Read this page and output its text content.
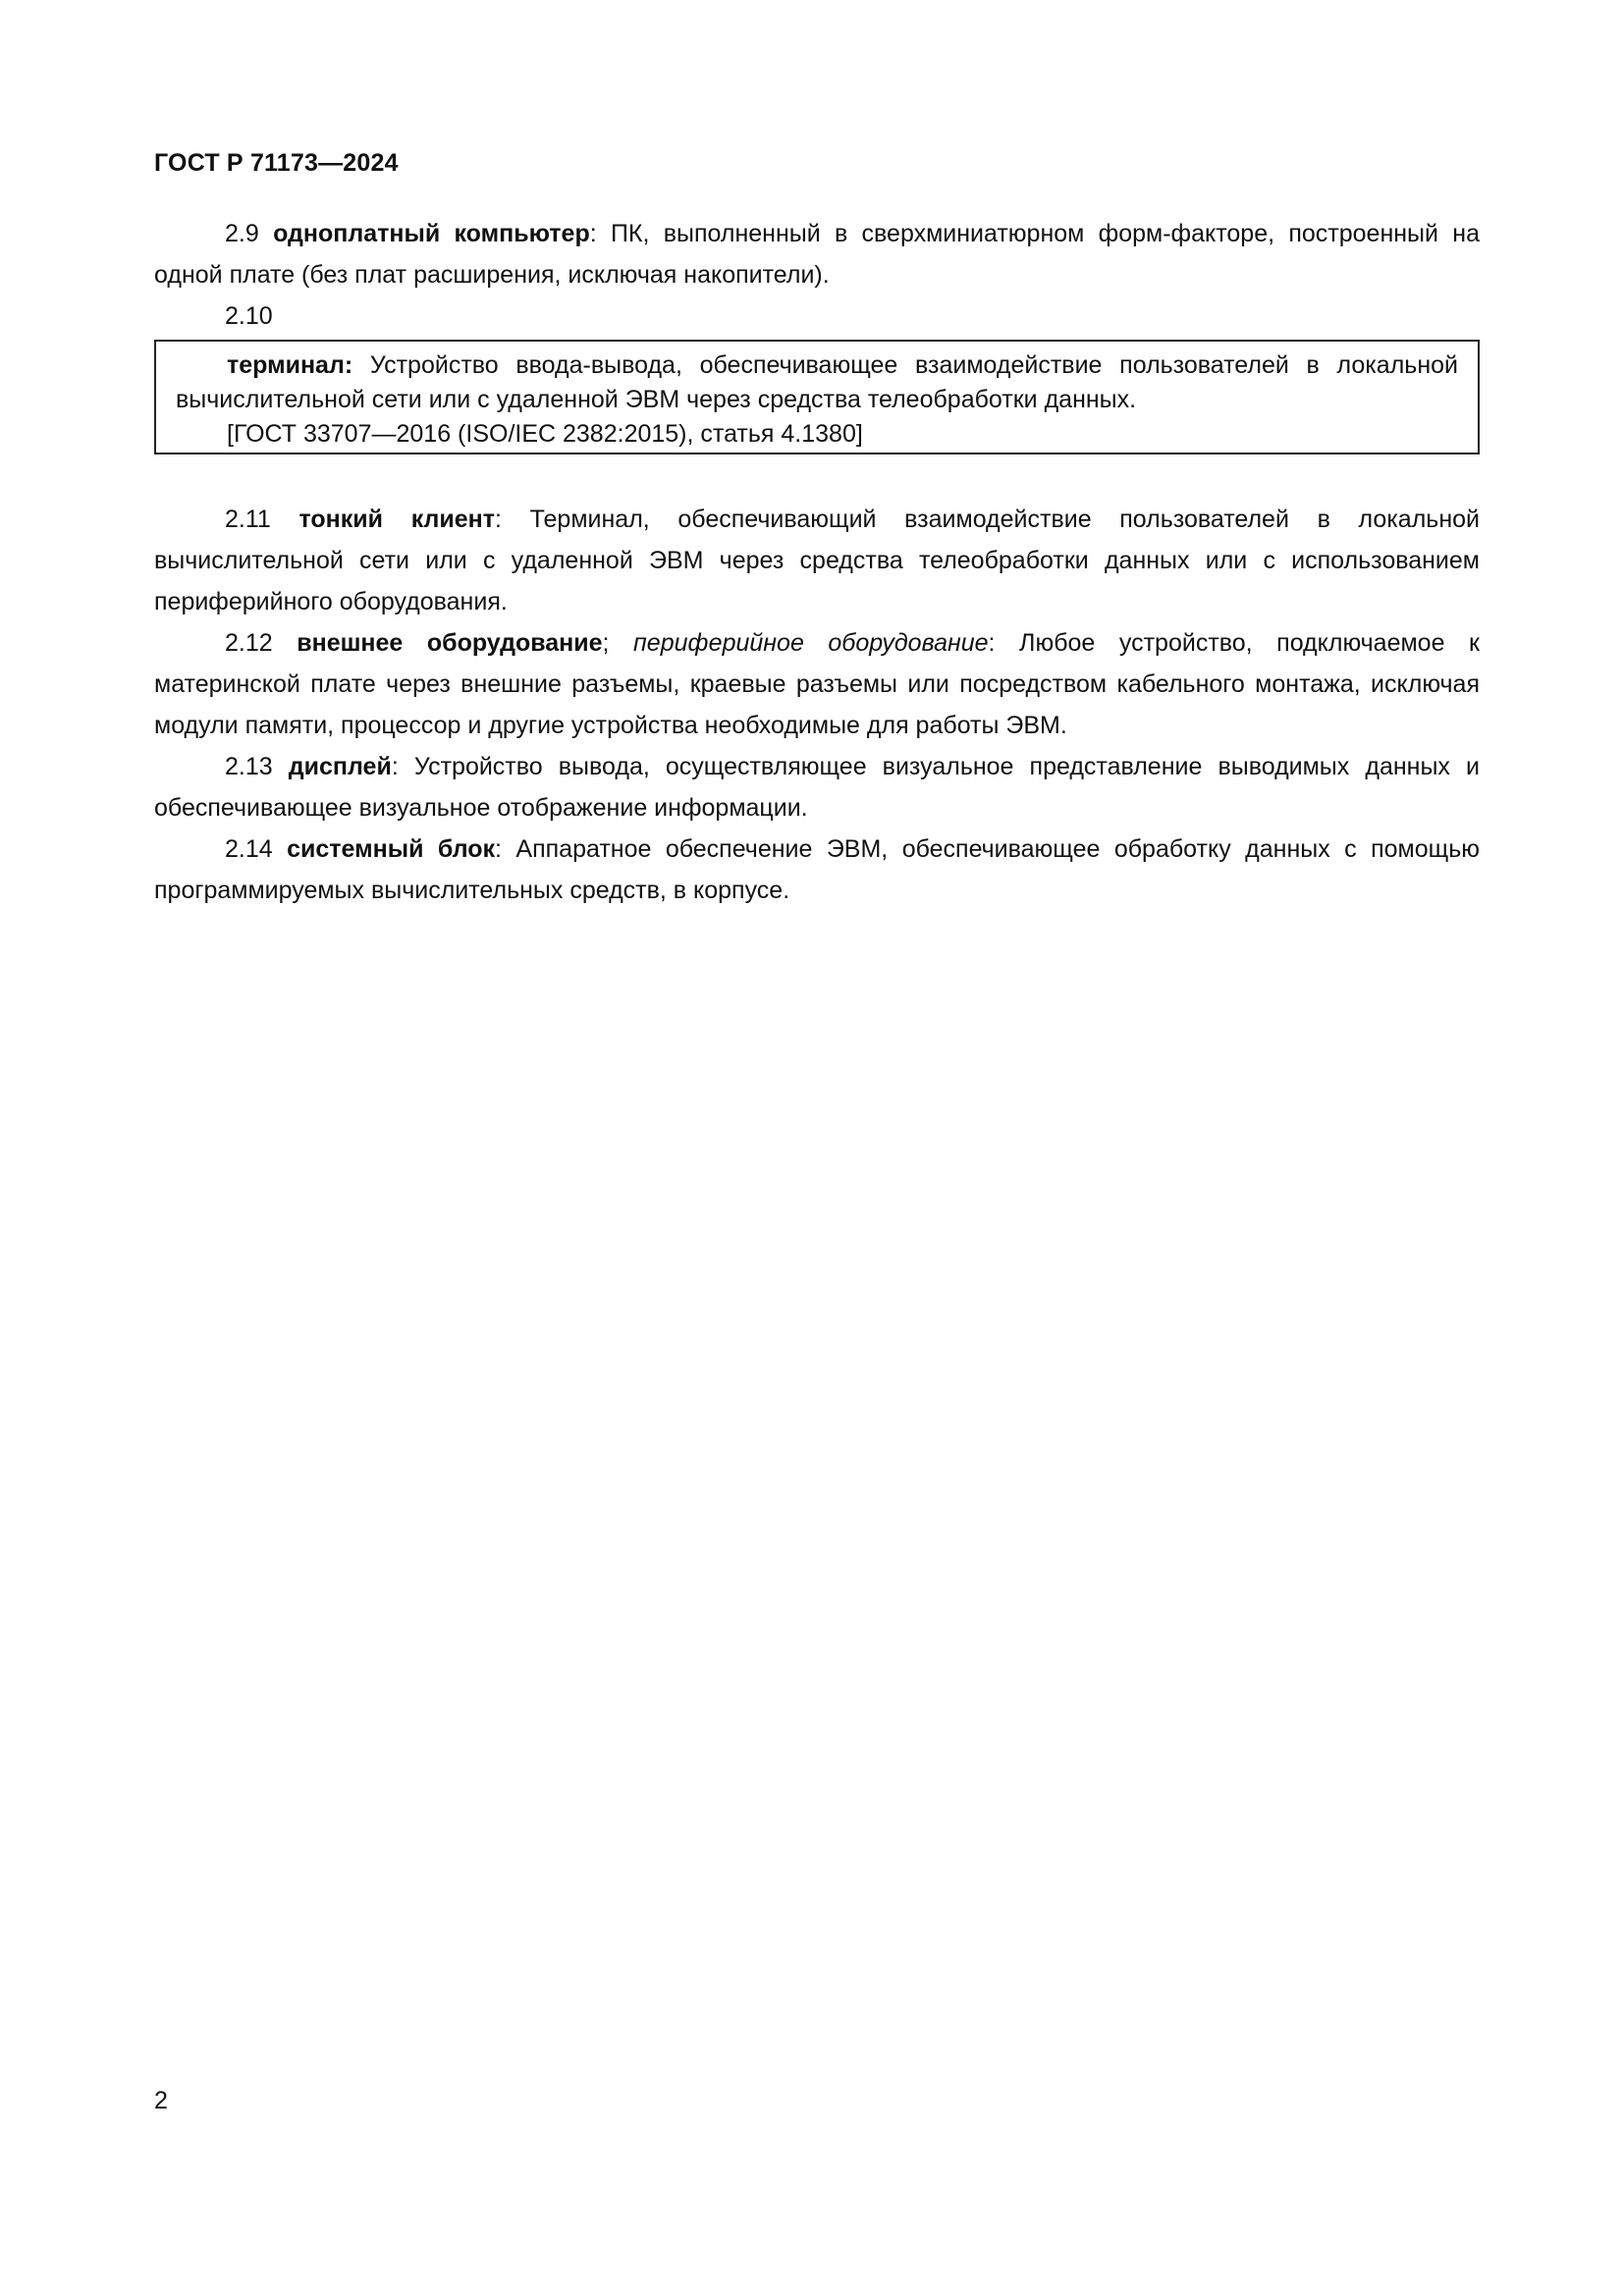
ГОСТ Р 71173—2024

2.9 одноплатный компьютер: ПК, выполненный в сверхминиатюрном форм-факторе, построенный на одной плате (без плат расширения, исключая накопители).

2.10

терминал: Устройство ввода-вывода, обеспечивающее взаимодействие пользователей в локальной вычислительной сети или с удаленной ЭВМ через средства телеобработки данных.

[ГОСТ 33707—2016 (ISO/IEC 2382:2015), статья 4.1380]

2.11 тонкий клиент: Терминал, обеспечивающий взаимодействие пользователей в локальной вычислительной сети или с удаленной ЭВМ через средства телеобработки данных или с использованием периферийного оборудования.

2.12 внешнее оборудование; периферийное оборудование: Любое устройство, подключаемое к материнской плате через внешние разъемы, краевые разъемы или посредством кабельного монтажа, исключая модули памяти, процессор и другие устройства необходимые для работы ЭВМ.

2.13 дисплей: Устройство вывода, осуществляющее визуальное представление выводимых данных и обеспечивающее визуальное отображение информации.

2.14 системный блок: Аппаратное обеспечение ЭВМ, обеспечивающее обработку данных с помощью программируемых вычислительных средств, в корпусе.

2
